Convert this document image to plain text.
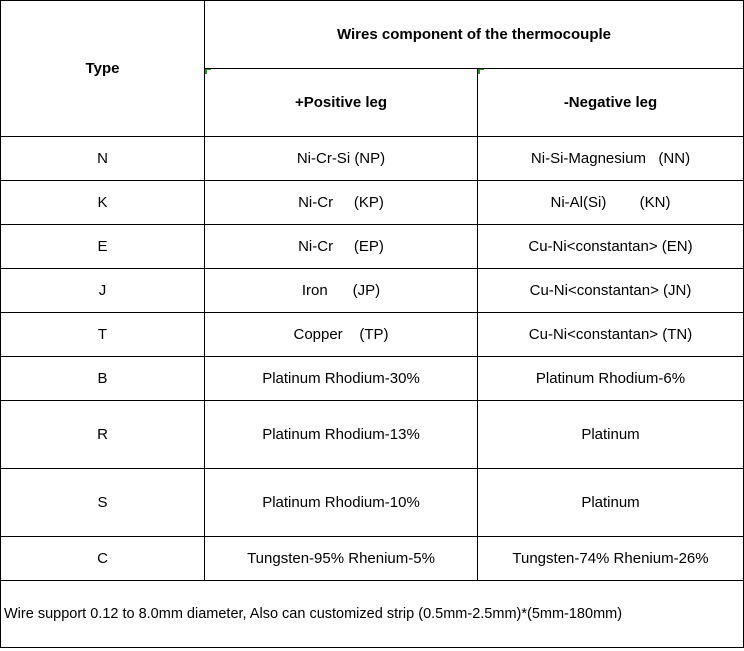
Type	Wires component of the thermocouple	
	+Positive leg	-Negative leg
N	Ni-Cr-Si (NP)	Ni-Si-Magnesium   (NN)
K	Ni-Cr     (KP)	Ni-Al(Si)        (KN)
E	Ni-Cr     (EP)	Cu-Ni<constantan> (EN)
J	Iron      (JP)	Cu-Ni<constantan> (JN)
T	Copper    (TP)	Cu-Ni<constantan> (TN)
B	Platinum Rhodium-30%	Platinum Rhodium-6%
R	Platinum Rhodium-13%	Platinum
S	Platinum Rhodium-10%	Platinum
C	Tungsten-95% Rhenium-5%	Tungsten-74% Rhenium-26%
Wire support 0.12 to 8.0mm diameter, Also can customized strip (0.5mm-2.5mm)*(5mm-180mm)		
